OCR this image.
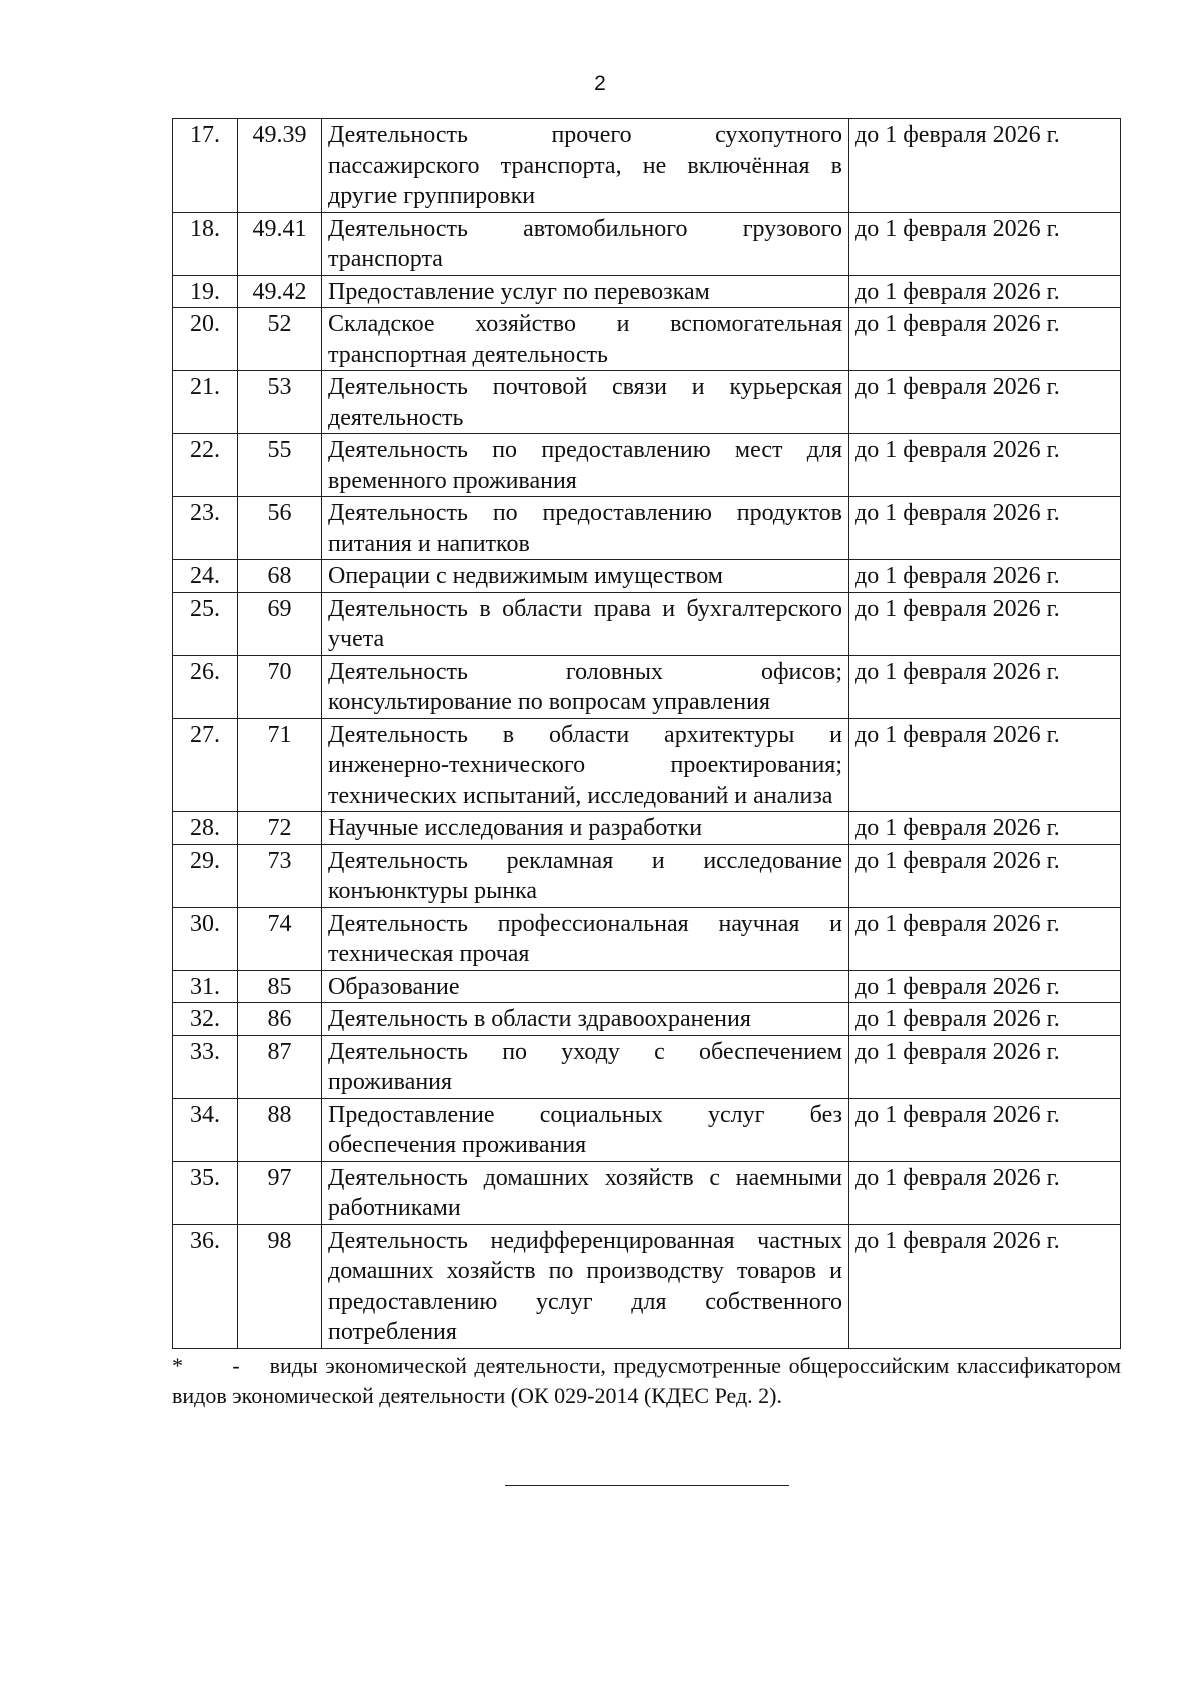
2
17.	49.39	Деятельность прочего сухопутного пассажирского транспорта, не включённая в другие группировки	до 1 февраля 2026 г.
18.	49.41	Деятельность автомобильного грузового транспорта	до 1 февраля 2026 г.
19.	49.42	Предоставление услуг по перевозкам	до 1 февраля 2026 г.
20.	52	Складское хозяйство и вспомогательная транспортная деятельность	до 1 февраля 2026 г.
21.	53	Деятельность почтовой связи и курьерская деятельность	до 1 февраля 2026 г.
22.	55	Деятельность по предоставлению мест для временного проживания	до 1 февраля 2026 г.
23.	56	Деятельность по предоставлению продуктов питания и напитков	до 1 февраля 2026 г.
24.	68	Операции с недвижимым имуществом	до 1 февраля 2026 г.
25.	69	Деятельность в области права и бухгалтерского учета	до 1 февраля 2026 г.
26.	70	Деятельность головных офисов; консультирование по вопросам управления	до 1 февраля 2026 г.
27.	71	Деятельность в области архитектуры и инженерно-технического проектирования; технических испытаний, исследований и анализа	до 1 февраля 2026 г.
28.	72	Научные исследования и разработки	до 1 февраля 2026 г.
29.	73	Деятельность рекламная и исследование конъюнктуры рынка	до 1 февраля 2026 г.
30.	74	Деятельность профессиональная научная и техническая прочая	до 1 февраля 2026 г.
31.	85	Образование	до 1 февраля 2026 г.
32.	86	Деятельность в области здравоохранения	до 1 февраля 2026 г.
33.	87	Деятельность по уходу с обеспечением проживания	до 1 февраля 2026 г.
34.	88	Предоставление социальных услуг без обеспечения проживания	до 1 февраля 2026 г.
35.	97	Деятельность домашних хозяйств с наемными работниками	до 1 февраля 2026 г.
36.	98	Деятельность недифференцированная частных домашних хозяйств по производству товаров и предоставлению услуг для собственного потребления	до 1 февраля 2026 г.

* - виды экономической деятельности, предусмотренные общероссийским классификатором видов экономической деятельности (ОК 029-2014 (КДЕС Ред. 2).
